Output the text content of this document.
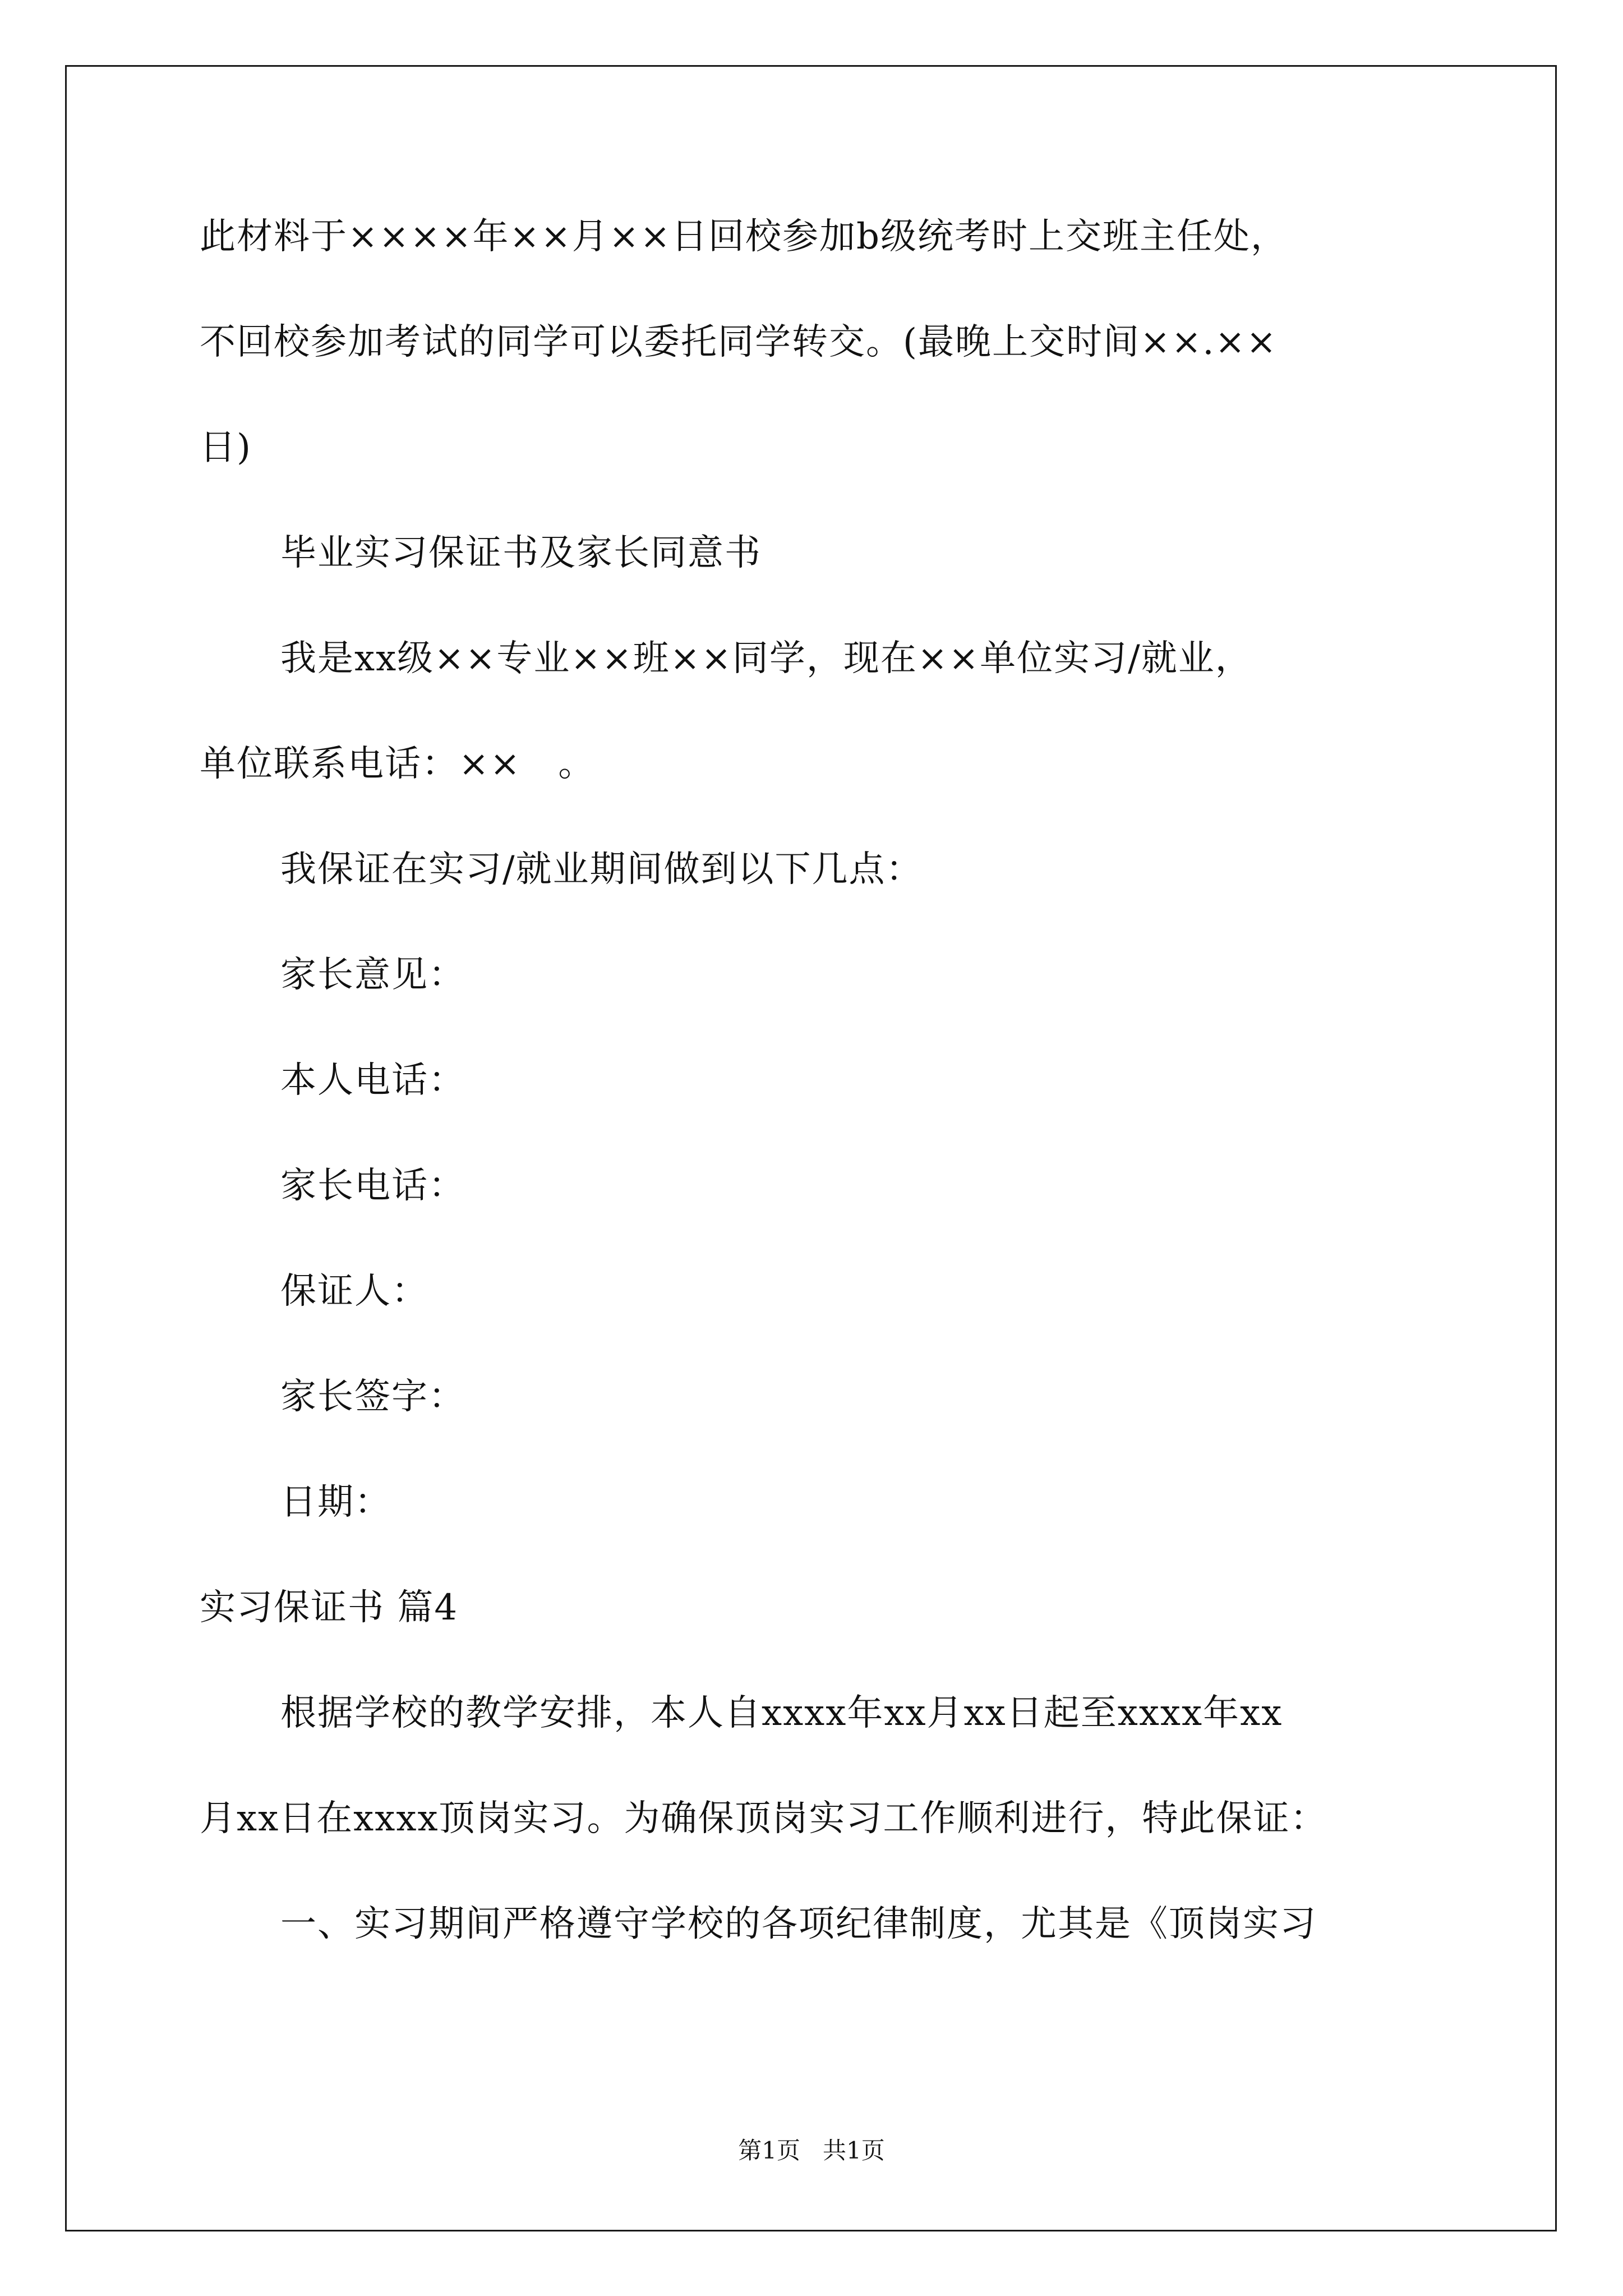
此材料于××××年××月××日回校参加b级统考时上交班主任处，
不回校参加考试的同学可以委托同学转交。(最晚上交时间××.××
日)
毕业实习保证书及家长同意书
我是xx级××专业××班××同学，现在××单位实习/就业，
单位联系电话：××　。
我保证在实习/就业期间做到以下几点：
家长意见：
本人电话：
家长电话：
保证人：
家长签字：
日期：
实习保证书 篇4
根据学校的教学安排，本人自xxxx年xx月xx日起至xxxx年xx
月xx日在xxxx顶岗实习。为确保顶岗实习工作顺利进行，特此保证：
一、实习期间严格遵守学校的各项纪律制度，尤其是《顶岗实习
第1页 共1页
